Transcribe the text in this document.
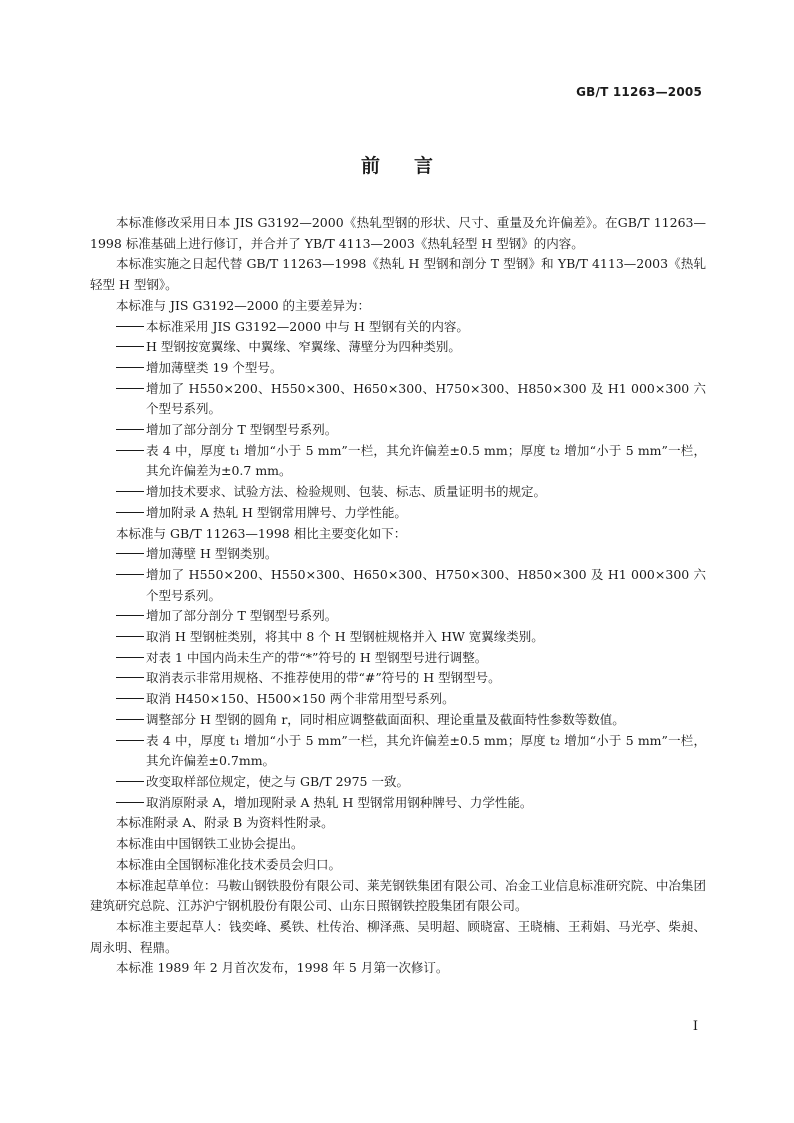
GB/T 11263—2005
前言

本标准修改采用日本 JIS G3192—2000《热轧型钢的形状、尺寸、重量及允许偏差》。在GB/T 11263—1998 标准基础上进行修订，并合并了 YB/T 4113—2003《热轧轻型 H 型钢》的内容。

本标准实施之日起代替 GB/T 11263—1998《热轧 H 型钢和剖分 T 型钢》和 YB/T 4113—2003《热轧轻型 H 型钢》。

本标准与 JIS G3192—2000 的主要差异为：

本标准采用 JIS G3192—2000 中与 H 型钢有关的内容。
H 型钢按宽翼缘、中翼缘、窄翼缘、薄壁分为四种类别。
增加薄壁类 19 个型号。
增加了 H550×200、H550×300、H650×300、H750×300、H850×300 及 H1 000×300 六个型号系列。
增加了部分剖分 T 型钢型号系列。
表 4 中，厚度 t₁ 增加“小于 5 mm”一栏，其允许偏差±0.5 mm；厚度 t₂ 增加“小于 5 mm”一栏，其允许偏差为±0.7 mm。
增加技术要求、试验方法、检验规则、包装、标志、质量证明书的规定。
增加附录 A 热轧 H 型钢常用牌号、力学性能。

本标准与 GB/T 11263—1998 相比主要变化如下：

增加薄壁 H 型钢类别。
增加了 H550×200、H550×300、H650×300、H750×300、H850×300 及 H1 000×300 六个型号系列。
增加了部分剖分 T 型钢型号系列。
取消 H 型钢桩类别，将其中 8 个 H 型钢桩规格并入 HW 宽翼缘类别。
对表 1 中国内尚未生产的带“*”符号的 H 型钢型号进行调整。
取消表示非常用规格、不推荐使用的带“#”符号的 H 型钢型号。
取消 H450×150、H500×150 两个非常用型号系列。
调整部分 H 型钢的圆角 r，同时相应调整截面面积、理论重量及截面特性参数等数值。
表 4 中，厚度 t₁ 增加“小于 5 mm”一栏，其允许偏差±0.5 mm；厚度 t₂ 增加“小于 5 mm”一栏，其允许偏差±0.7mm。
改变取样部位规定，使之与 GB/T 2975 一致。
取消原附录 A，增加现附录 A 热轧 H 型钢常用钢种牌号、力学性能。

本标准附录 A、附录 B 为资料性附录。

本标准由中国钢铁工业协会提出。

本标准由全国钢标准化技术委员会归口。

本标准起草单位：马鞍山钢铁股份有限公司、莱芜钢铁集团有限公司、冶金工业信息标准研究院、中冶集团建筑研究总院、江苏沪宁钢机股份有限公司、山东日照钢铁控股集团有限公司。

本标准主要起草人：钱奕峰、奚铁、杜传治、柳泽燕、吴明超、顾晓富、王晓楠、王莉娟、马光亭、柴昶、周永明、程鼎。

本标准 1989 年 2 月首次发布，1998 年 5 月第一次修订。

I
